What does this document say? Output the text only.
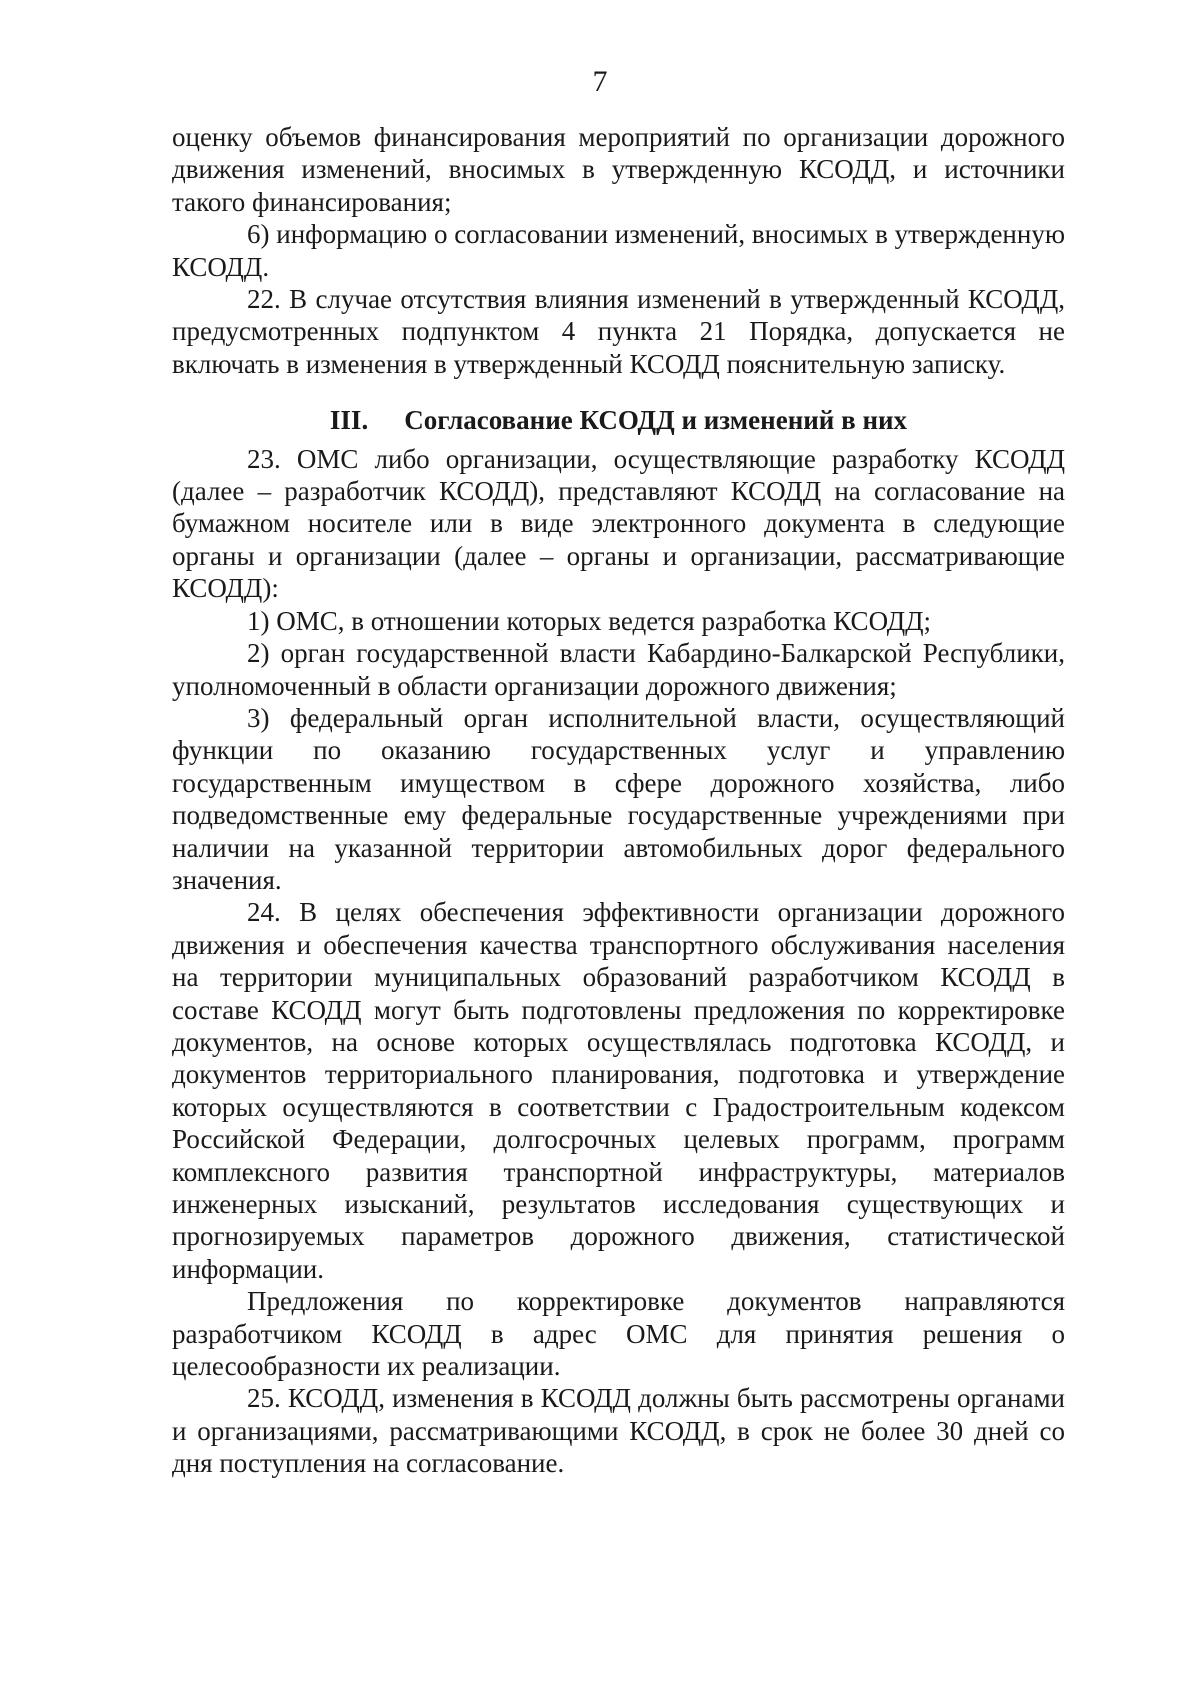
7

оценку объемов финансирования мероприятий по организации дорожного движения изменений, вносимых в утвержденную КСОДД, и источники такого финансирования;

6) информацию о согласовании изменений, вносимых в утвержденную КСОДД.

22. В случае отсутствия влияния изменений в утвержденный КСОДД, предусмотренных подпунктом 4 пункта 21 Порядка, допускается не включать в изменения в утвержденный КСОДД пояснительную записку.

III. Согласование КСОДД и изменений в них

23. ОМС либо организации, осуществляющие разработку КСОДД (далее – разработчик КСОДД), представляют КСОДД на согласование на бумажном носителе или в виде электронного документа в следующие органы и организации (далее – органы и организации, рассматривающие КСОДД):

1) ОМС, в отношении которых ведется разработка КСОДД;

2) орган государственной власти Кабардино-Балкарской Республики, уполномоченный в области организации дорожного движения;

3) федеральный орган исполнительной власти, осуществляющий функции по оказанию государственных услуг и управлению государственным имуществом в сфере дорожного хозяйства, либо подведомственные ему федеральные государственные учреждениями при наличии на указанной территории автомобильных дорог федерального значения.

24. В целях обеспечения эффективности организации дорожного движения и обеспечения качества транспортного обслуживания населения на территории муниципальных образований разработчиком КСОДД в составе КСОДД могут быть подготовлены предложения по корректировке документов, на основе которых осуществлялась подготовка КСОДД, и документов территориального планирования, подготовка и утверждение которых осуществляются в соответствии с Градостроительным кодексом Российской Федерации, долгосрочных целевых программ, программ комплексного развития транспортной инфраструктуры, материалов инженерных изысканий, результатов исследования существующих и прогнозируемых параметров дорожного движения, статистической информации.

Предложения по корректировке документов направляются разработчиком КСОДД в адрес ОМС для принятия решения о целесообразности их реализации.

25. КСОДД, изменения в КСОДД должны быть рассмотрены органами и организациями, рассматривающими КСОДД, в срок не более 30 дней со дня поступления на согласование.
